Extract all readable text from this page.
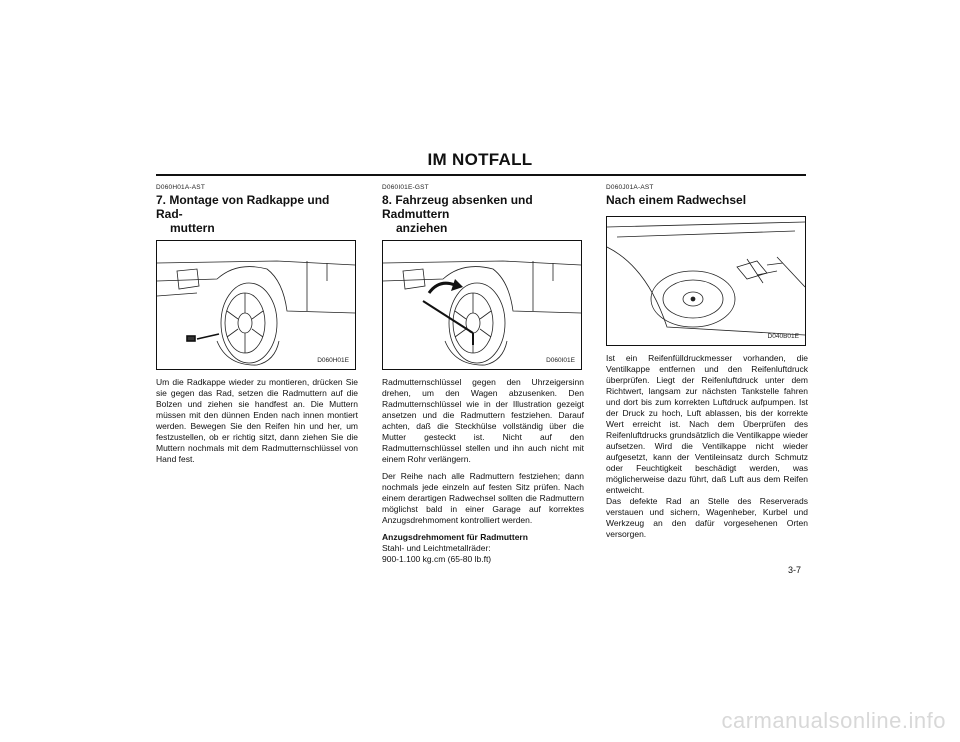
IM NOTFALL
D060H01A-AST
7. Montage von Radkappe und Rad-
muttern
D060H01E

Um die Radkappe wieder zu montieren, drücken Sie sie gegen das Rad, setzen die Radmuttern auf die Bolzen und ziehen sie handfest an. Die Muttern müssen mit den dünnen Enden nach innen montiert werden. Bewegen Sie den Reifen hin und her, um festzustellen, ob er richtig sitzt, dann ziehen Sie die Muttern nochmals mit dem Radmutternschlüssel von Hand fest.

D060I01E-GST
8. Fahrzeug absenken und Radmuttern
anziehen
D060I01E

Radmutternschlüssel gegen den Uhrzeigersinn drehen, um den Wagen abzusenken. Den Radmutternschlüssel wie in der Illustration gezeigt ansetzen und die Radmuttern festziehen. Darauf achten, daß die Steckhülse vollständig über die Mutter gesteckt ist. Nicht auf den Radmutternschlüssel stellen und ihn auch nicht mit einem Rohr verlängern.

Der Reihe nach alle Radmuttern festziehen; dann nochmals jede einzeln auf festen Sitz prüfen. Nach einem derartigen Radwechsel sollten die Radmuttern möglichst bald in einer Garage auf korrektes Anzugsdrehmoment kontrolliert werden.

Anzugsdrehmoment für Radmuttern
Stahl- und Leichtmetallräder:
900-1.100 kg.cm (65-80 lb.ft)

D060J01A-AST
Nach einem Radwechsel
D040B01E

Ist ein Reifenfülldruckmesser vorhanden, die Ventilkappe entfernen und den Reifenluftdruck überprüfen. Liegt der Reifenluftdruck unter dem Richtwert, langsam zur nächsten Tankstelle fahren und dort bis zum korrekten Luftdruck aufpumpen. Ist der Druck zu hoch, Luft ablassen, bis der korrekte Wert erreicht ist. Nach dem Überprüfen des Reifenluftdrucks grundsätzlich die Ventilkappe wieder aufsetzen. Wird die Ventilkappe nicht wieder aufgesetzt, kann der Ventileinsatz durch Schmutz oder Feuchtigkeit beschädigt werden, was möglicherweise dazu führt, daß Luft aus dem Reifen entweicht.

Das defekte Rad an Stelle des Reserverads verstauen und sichern, Wagenheber, Kurbel und Werkzeug an den dafür vorgesehenen Orten versorgen.

3-7
carmanualsonline.info
